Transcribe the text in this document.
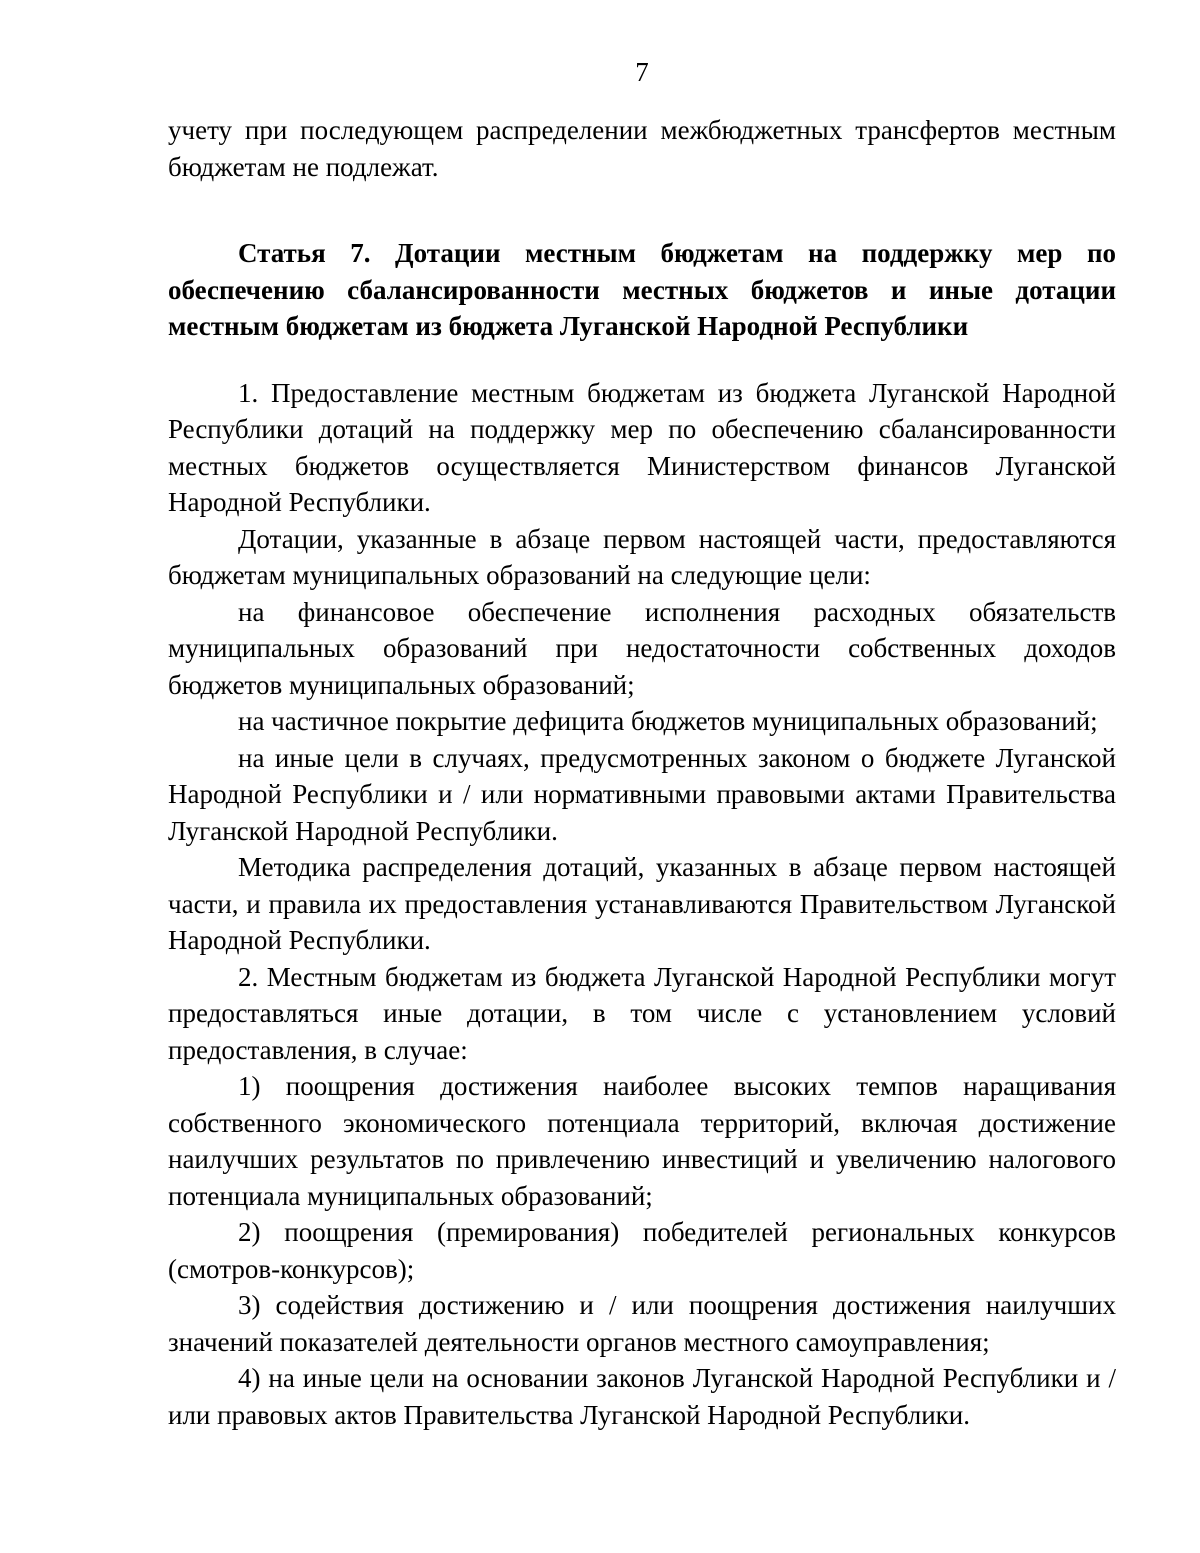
7

учету при последующем распределении межбюджетных трансфертов местным бюджетам не подлежат.

Статья 7. Дотации местным бюджетам на поддержку мер по обеспечению сбалансированности местных бюджетов и иные дотации местным бюджетам из бюджета Луганской Народной Республики

1. Предоставление местным бюджетам из бюджета Луганской Народной Республики дотаций на поддержку мер по обеспечению сбалансированности местных бюджетов осуществляется Министерством финансов Луганской Народной Республики.

Дотации, указанные в абзаце первом настоящей части, предоставляются бюджетам муниципальных образований на следующие цели:

на финансовое обеспечение исполнения расходных обязательств муниципальных образований при недостаточности собственных доходов бюджетов муниципальных образований;

на частичное покрытие дефицита бюджетов муниципальных образований;

на иные цели в случаях, предусмотренных законом о бюджете Луганской Народной Республики и / или нормативными правовыми актами Правительства Луганской Народной Республики.

Методика распределения дотаций, указанных в абзаце первом настоящей части, и правила их предоставления устанавливаются Правительством Луганской Народной Республики.

2. Местным бюджетам из бюджета Луганской Народной Республики могут предоставляться иные дотации, в том числе с установлением условий предоставления, в случае:

1) поощрения достижения наиболее высоких темпов наращивания собственного экономического потенциала территорий, включая достижение наилучших результатов по привлечению инвестиций и увеличению налогового потенциала муниципальных образований;

2) поощрения (премирования) победителей региональных конкурсов (смотров-конкурсов);

3) содействия достижению и / или поощрения достижения наилучших значений показателей деятельности органов местного самоуправления;

4) на иные цели на основании законов Луганской Народной Республики и / или правовых актов Правительства Луганской Народной Республики.
